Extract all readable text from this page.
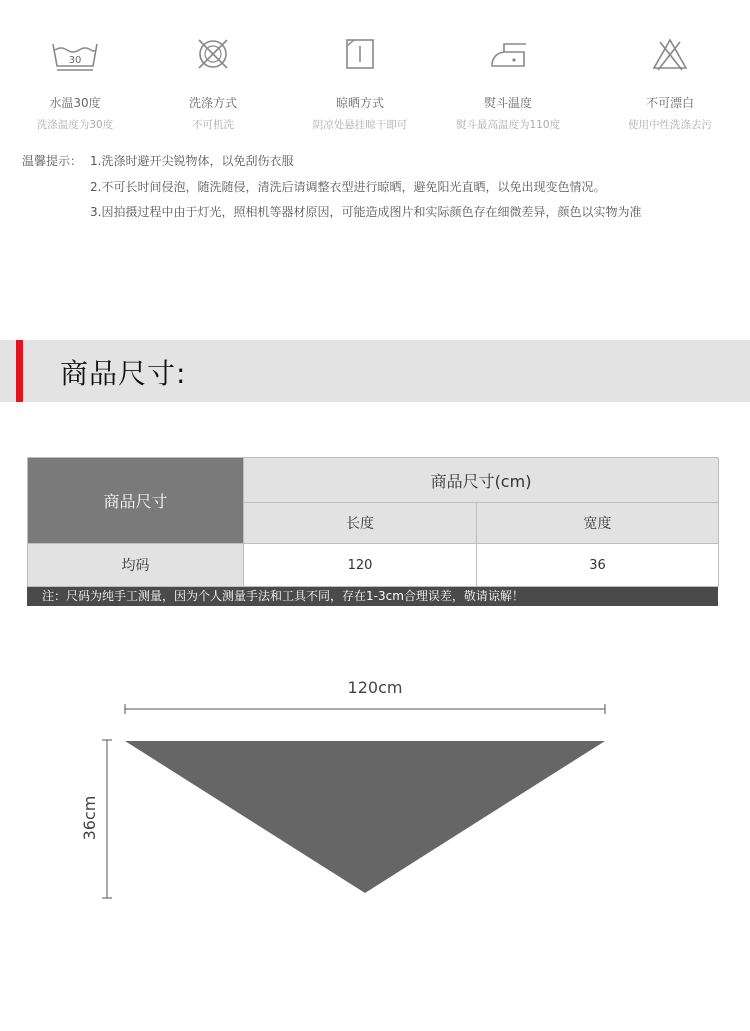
30
水温30度
洗涤温度为30度
洗涤方式
不可机洗
晾晒方式
阴凉处悬挂晾干即可
熨斗温度
熨斗最高温度为110度
不可漂白
使用中性洗涤去污
温馨提示： 1.洗涤时避开尖锐物体，以免刮伤衣服
2.不可长时间侵泡，随洗随侵，清洗后请调整衣型进行晾晒，避免阳光直晒，以免出现变色情况。
3.因拍摄过程中由于灯光，照相机等器材原因，可能造成图片和实际颜色存在细微差异，颜色以实物为准
商品尺寸:
商品尺寸	商品尺寸(cm)	
	长度	宽度
均码	120	36
注：尺码为纯手工测量，因为个人测量手法和工具不同，存在1-3cm合理误差，敬请谅解！
120cm
36cm
